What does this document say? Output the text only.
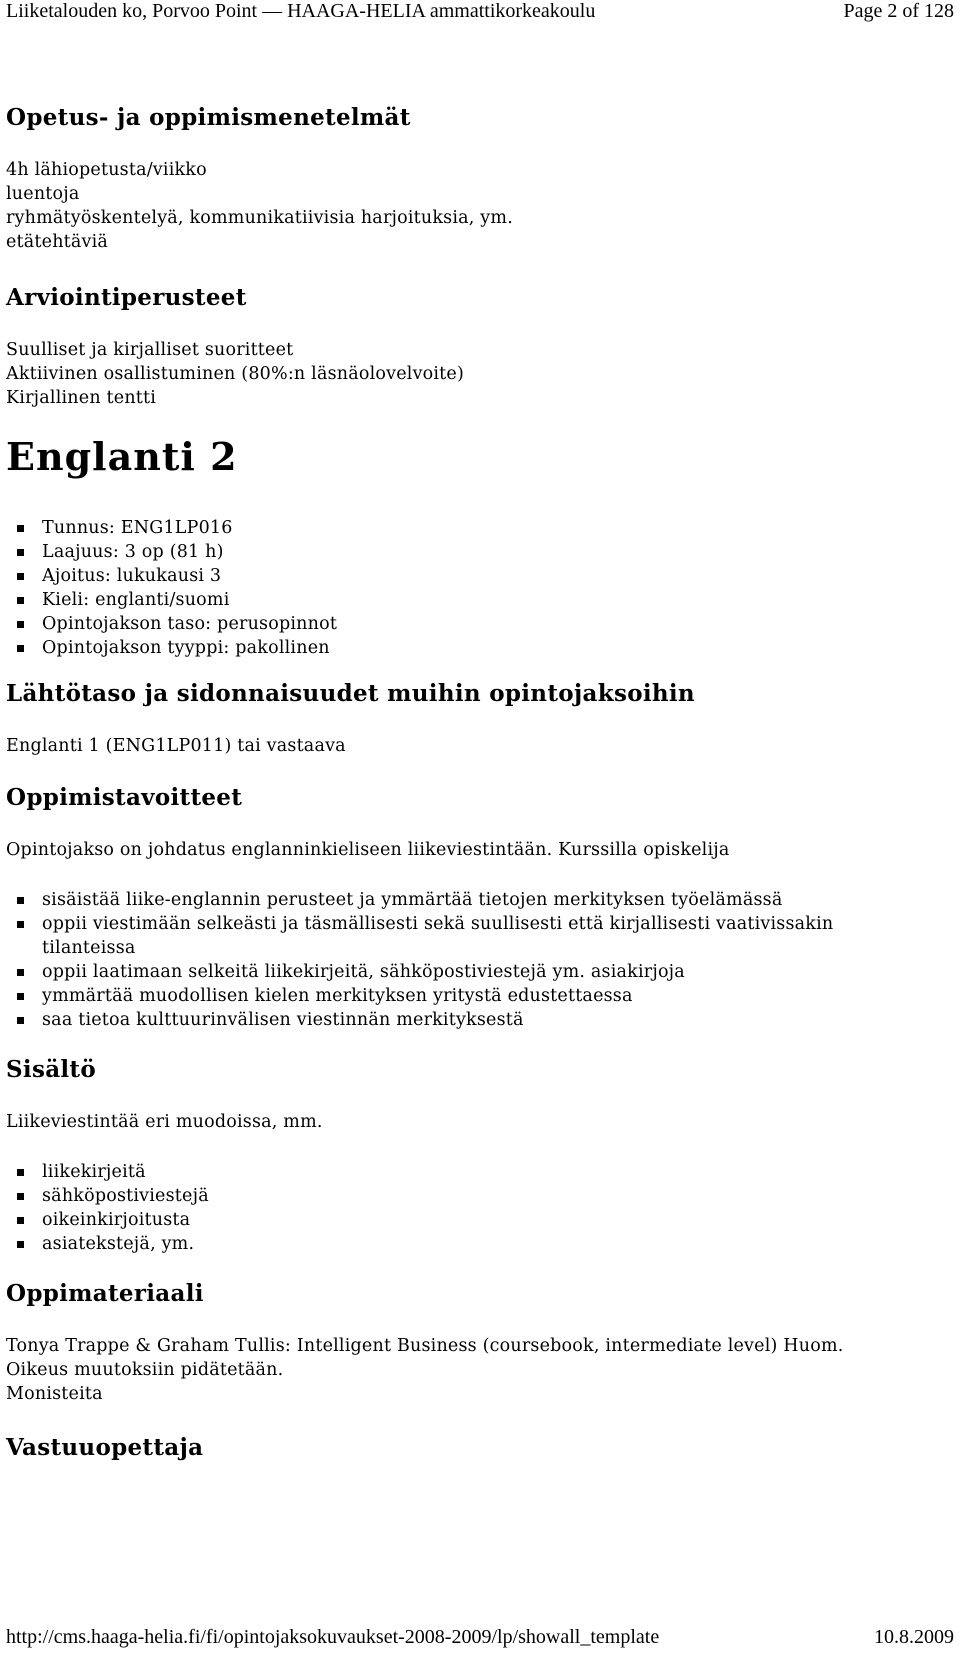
Liiketalouden ko, Porvoo Point — HAAGA-HELIA ammattikorkeakoulu	Page 2 of 128
Opetus- ja oppimismenetelmät
4h lähiopetusta/viikko
luentoja
ryhmätyöskentelyä, kommunikatiivisia harjoituksia, ym.
etätehtäviä
Arviointiperusteet
Suulliset ja kirjalliset suoritteet
Aktiivinen osallistuminen (80%:n läsnäolovelvoite)
Kirjallinen tentti
Englanti 2
Tunnus: ENG1LP016
Laajuus: 3 op (81 h)
Ajoitus: lukukausi 3
Kieli: englanti/suomi
Opintojakson taso: perusopinnot
Opintojakson tyyppi: pakollinen
Lähtötaso ja sidonnaisuudet muihin opintojaksoihin
Englanti 1 (ENG1LP011) tai vastaava
Oppimistavoitteet
Opintojakso on johdatus englanninkieliseen liikeviestintään. Kurssilla opiskelija
sisäistää liike-englannin perusteet ja ymmärtää tietojen merkityksen työelämässä
oppii viestimään selkeästi ja täsmällisesti sekä suullisesti että kirjallisesti vaativissakin
oppii laatimaan selkeitä liikekirjeitä, sähköpostiviestejä ym. asiakirjoja
ymmärtää muodollisen kielen merkityksen yritystä edustettaessa
saa tietoa kulttuurinvälisen viestinnän merkityksestä
tilanteissa
Sisältö
Liikeviestintää eri muodoissa, mm.
liikekirjeitä
sähköpostiviestejä
oikeinkirjoitusta
asiatekstejä, ym.
Oppimateriaali
Tonya Trappe & Graham Tullis: Intelligent Business (coursebook, intermediate level) Huom.
Oikeus muutoksiin pidätetään.
Monisteita
Vastuuopettaja
http://cms.haaga-helia.fi/fi/opintojaksokuvaukset-2008-2009/lp/showall_template	10.8.2009
